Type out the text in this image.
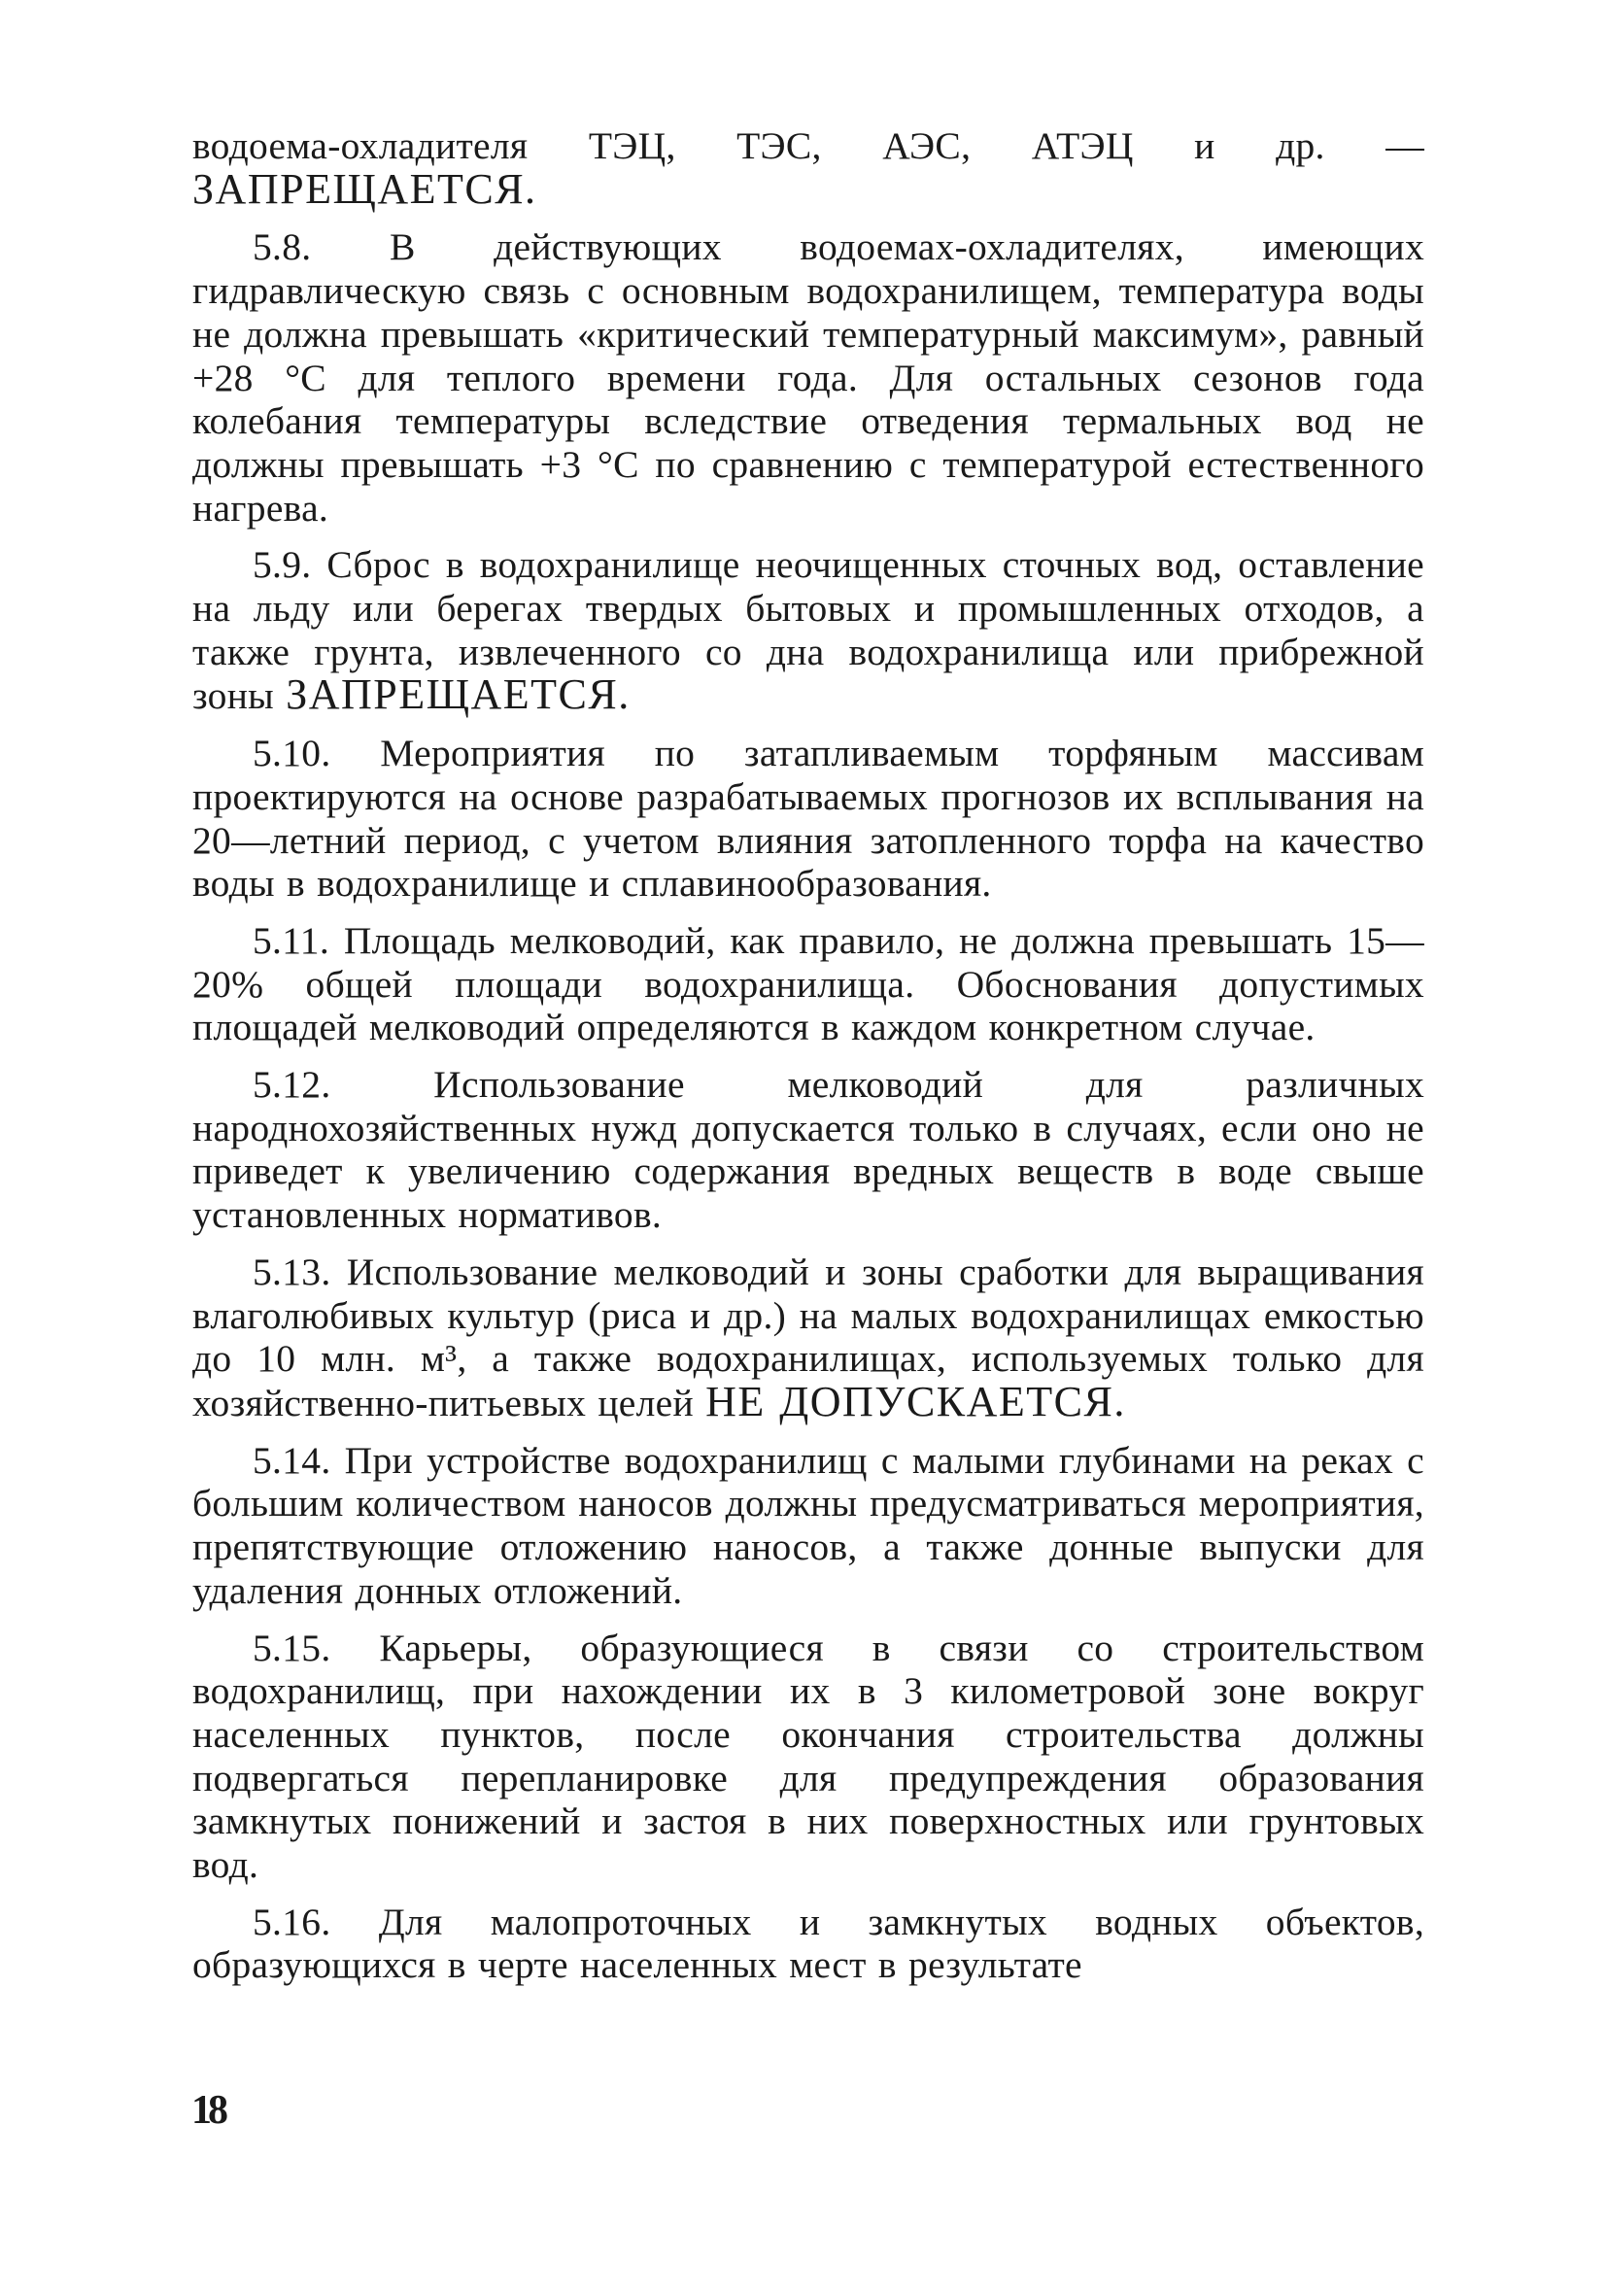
водоема-охладителя ТЭЦ, ТЭС, АЭС, АТЭЦ и др. — ЗАПРЕЩАЕТСЯ.

5.8. В действующих водоемах-охладителях, имеющих гидравлическую связь с основным водохранилищем, температура воды не должна превышать «критический температурный максимум», равный +28 °С для теплого времени года. Для остальных сезонов года колебания температуры вследствие отведения термальных вод не должны превышать +3 °С по сравнению с температурой естественного нагрева.

5.9. Сброс в водохранилище неочищенных сточных вод, оставление на льду или берегах твердых бытовых и промышленных отходов, а также грунта, извлеченного со дна водохранилища или прибрежной зоны ЗАПРЕЩАЕТСЯ.

5.10. Мероприятия по затапливаемым торфяным массивам проектируются на основе разрабатываемых прогнозов их всплывания на 20—летний период, с учетом влияния затопленного торфа на качество воды в водохранилище и сплавинообразования.

5.11. Площадь мелководий, как правило, не должна превышать 15—20% общей площади водохранилища. Обоснования допустимых площадей мелководий определяются в каждом конкретном случае.

5.12. Использование мелководий для различных народнохозяйственных нужд допускается только в случаях, если оно не приведет к увеличению содержания вредных веществ в воде свыше установленных нормативов.

5.13. Использование мелководий и зоны сработки для выращивания влаголюбивых культур (риса и др.) на малых водохранилищах емкостью до 10 млн. м³, а также водохранилищах, используемых только для хозяйственно-питьевых целей НЕ ДОПУСКАЕТСЯ.

5.14. При устройстве водохранилищ с малыми глубинами на реках с большим количеством наносов должны предусматриваться мероприятия, препятствующие отложению наносов, а также донные выпуски для удаления донных отложений.

5.15. Карьеры, образующиеся в связи со строительством водохранилищ, при нахождении их в 3 километровой зоне вокруг населенных пунктов, после окончания строительства должны подвергаться перепланировке для предупреждения образования замкнутых понижений и застоя в них поверхностных или грунтовых вод.

5.16. Для малопроточных и замкнутых водных объектов, образующихся в черте населенных мест в результате

18
